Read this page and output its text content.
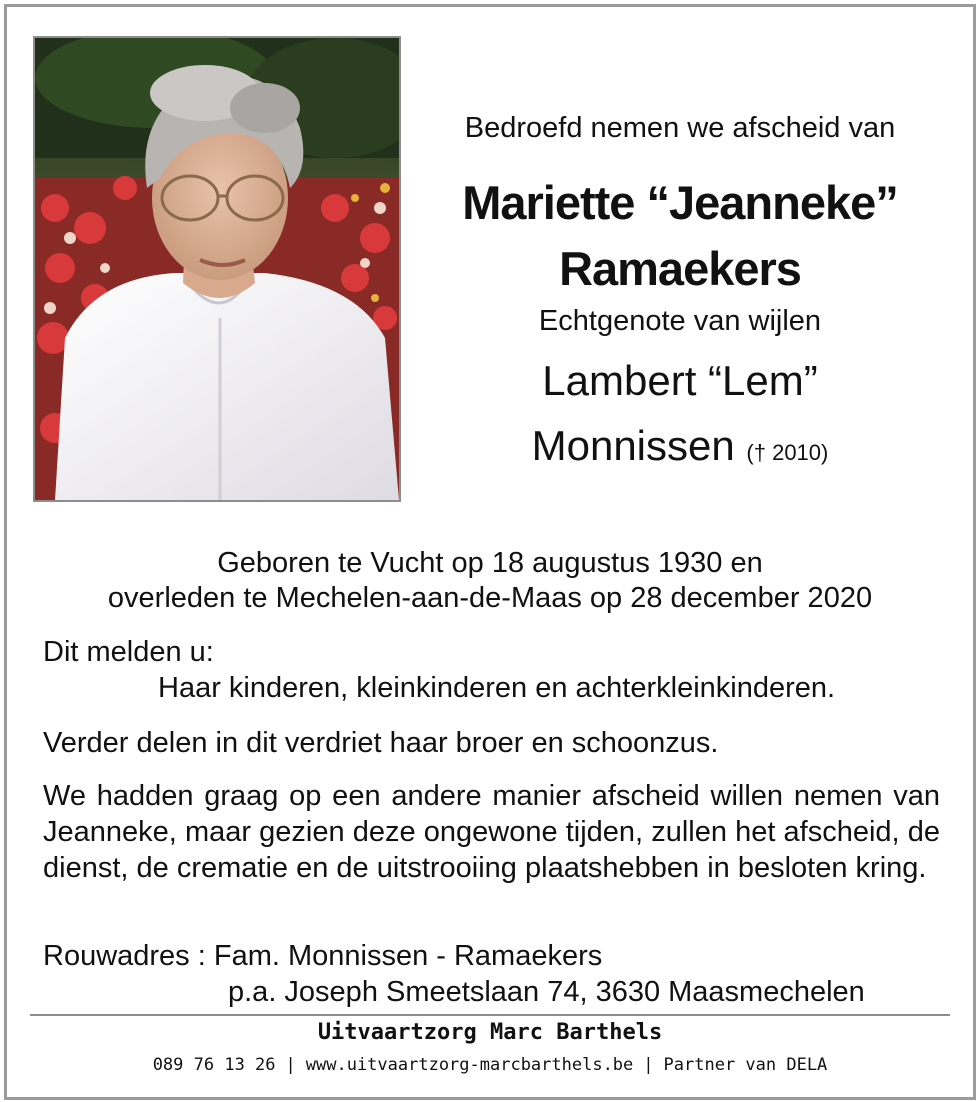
Bedroefd nemen we afscheid van
Mariette “Jeanneke”
Ramaekers
Echtgenote van wijlen
Lambert “Lem”
Monnissen († 2010)
Geboren te Vucht op 18 augustus 1930 en
overleden te Mechelen-aan-de-Maas op 28 december 2020
Dit melden u:
Haar kinderen, kleinkinderen en achterkleinkinderen.
Verder delen in dit verdriet haar broer en schoonzus.
We hadden graag op een andere manier afscheid willen nemen van Jeanneke, maar gezien deze ongewone tijden, zullen het afscheid, de dienst, de crematie en de uitstrooiing plaatshebben in besloten kring.
Rouwadres : Fam. Monnissen - Ramaekers
p.a. Joseph Smeetslaan 74, 3630 Maasmechelen
Uitvaartzorg Marc Barthels
089 76 13 26 | www.uitvaartzorg-marcbarthels.be | Partner van DELA
